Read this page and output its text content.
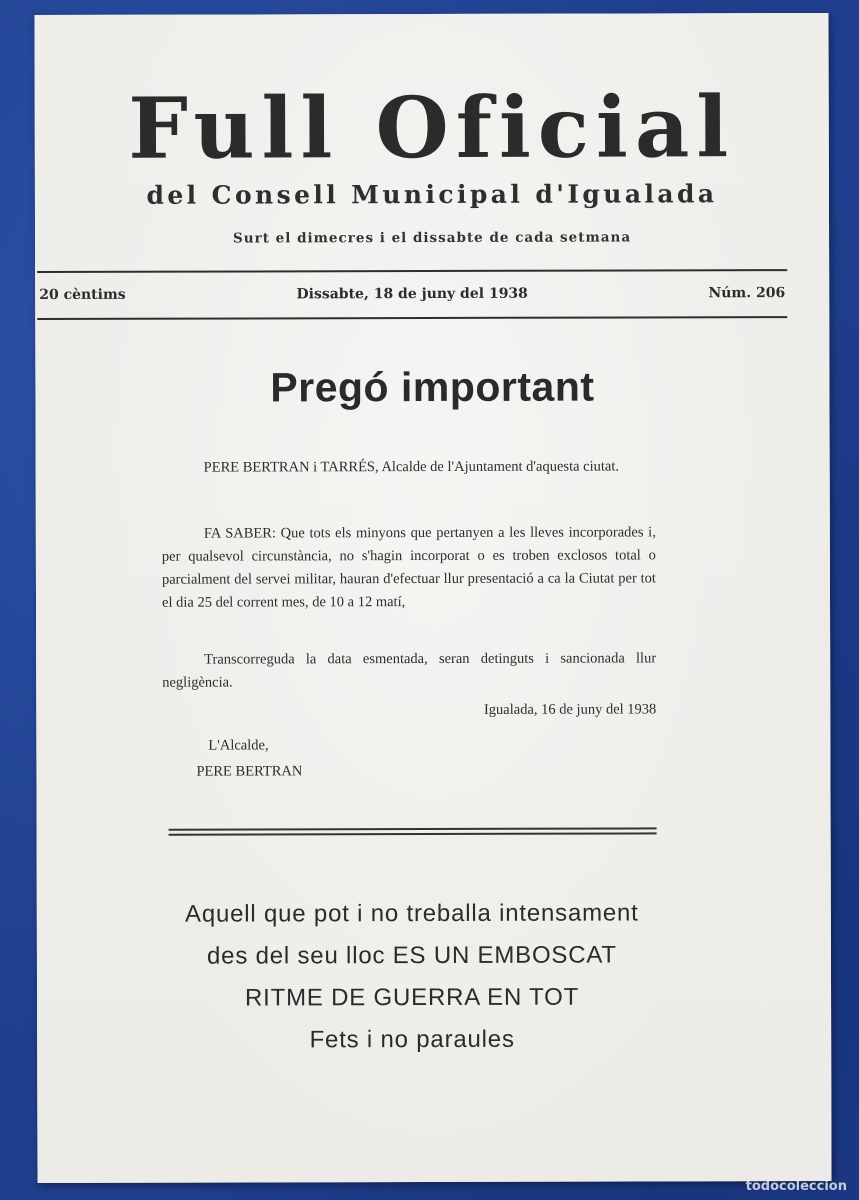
Full Oficial
del Consell Municipal d'Igualada
Surt el dimecres i el dissabte de cada setmana
Dissabte, 18 de juny del 1938
20 cèntims	Núm. 206
Pregó important
PERE BERTRAN i TARRÉS, Alcalde de l'Ajuntament d'aquesta ciutat.
FA SABER: Que tots els minyons que pertanyen a les lleves incorporades i, per qualsevol circunstància, no s'hagin incorporat o es troben exclosos total o parcialment del servei militar, hauran d'efectuar llur presentació a ca la Ciutat per tot el dia 25 del corrent mes, de 10 a 12 matí,
Transcorreguda la data esmentada, seran detinguts i sancionada llur negligència.
Igualada, 16 de juny del 1938
L'Alcalde,
PERE BERTRAN
Aquell que pot i no treballa intensament
des del seu lloc ES UN EMBOSCAT
RITME DE GUERRA EN TOT
Fets i no paraules
todocoleccion
